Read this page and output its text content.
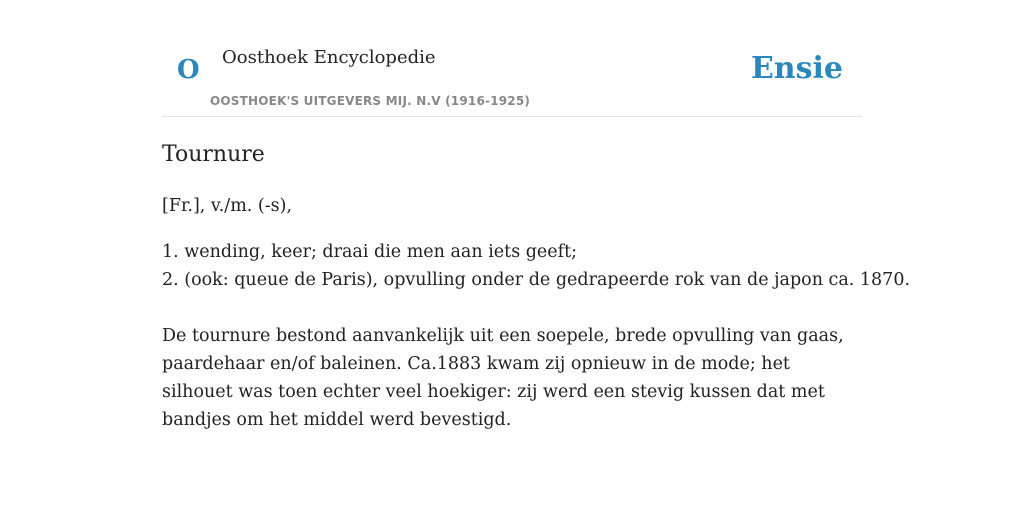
O Oosthoek Encyclopedie
OOSTHOEK'S UITGEVERS MIJ. N.V (1916-1925)
Ensie
Tournure
[Fr.], v./m. (-s),
1. wending, keer; draai die men aan iets geeft;
2. (ook: queue de Paris), opvulling onder de gedrapeerde rok van de japon ca. 1870.
De tournure bestond aanvankelijk uit een soepele, brede opvulling van gaas, paardehaar en/of baleinen. Ca.1883 kwam zij opnieuw in de mode; het silhouet was toen echter veel hoekiger: zij werd een stevig kussen dat met bandjes om het middel werd bevestigd.
